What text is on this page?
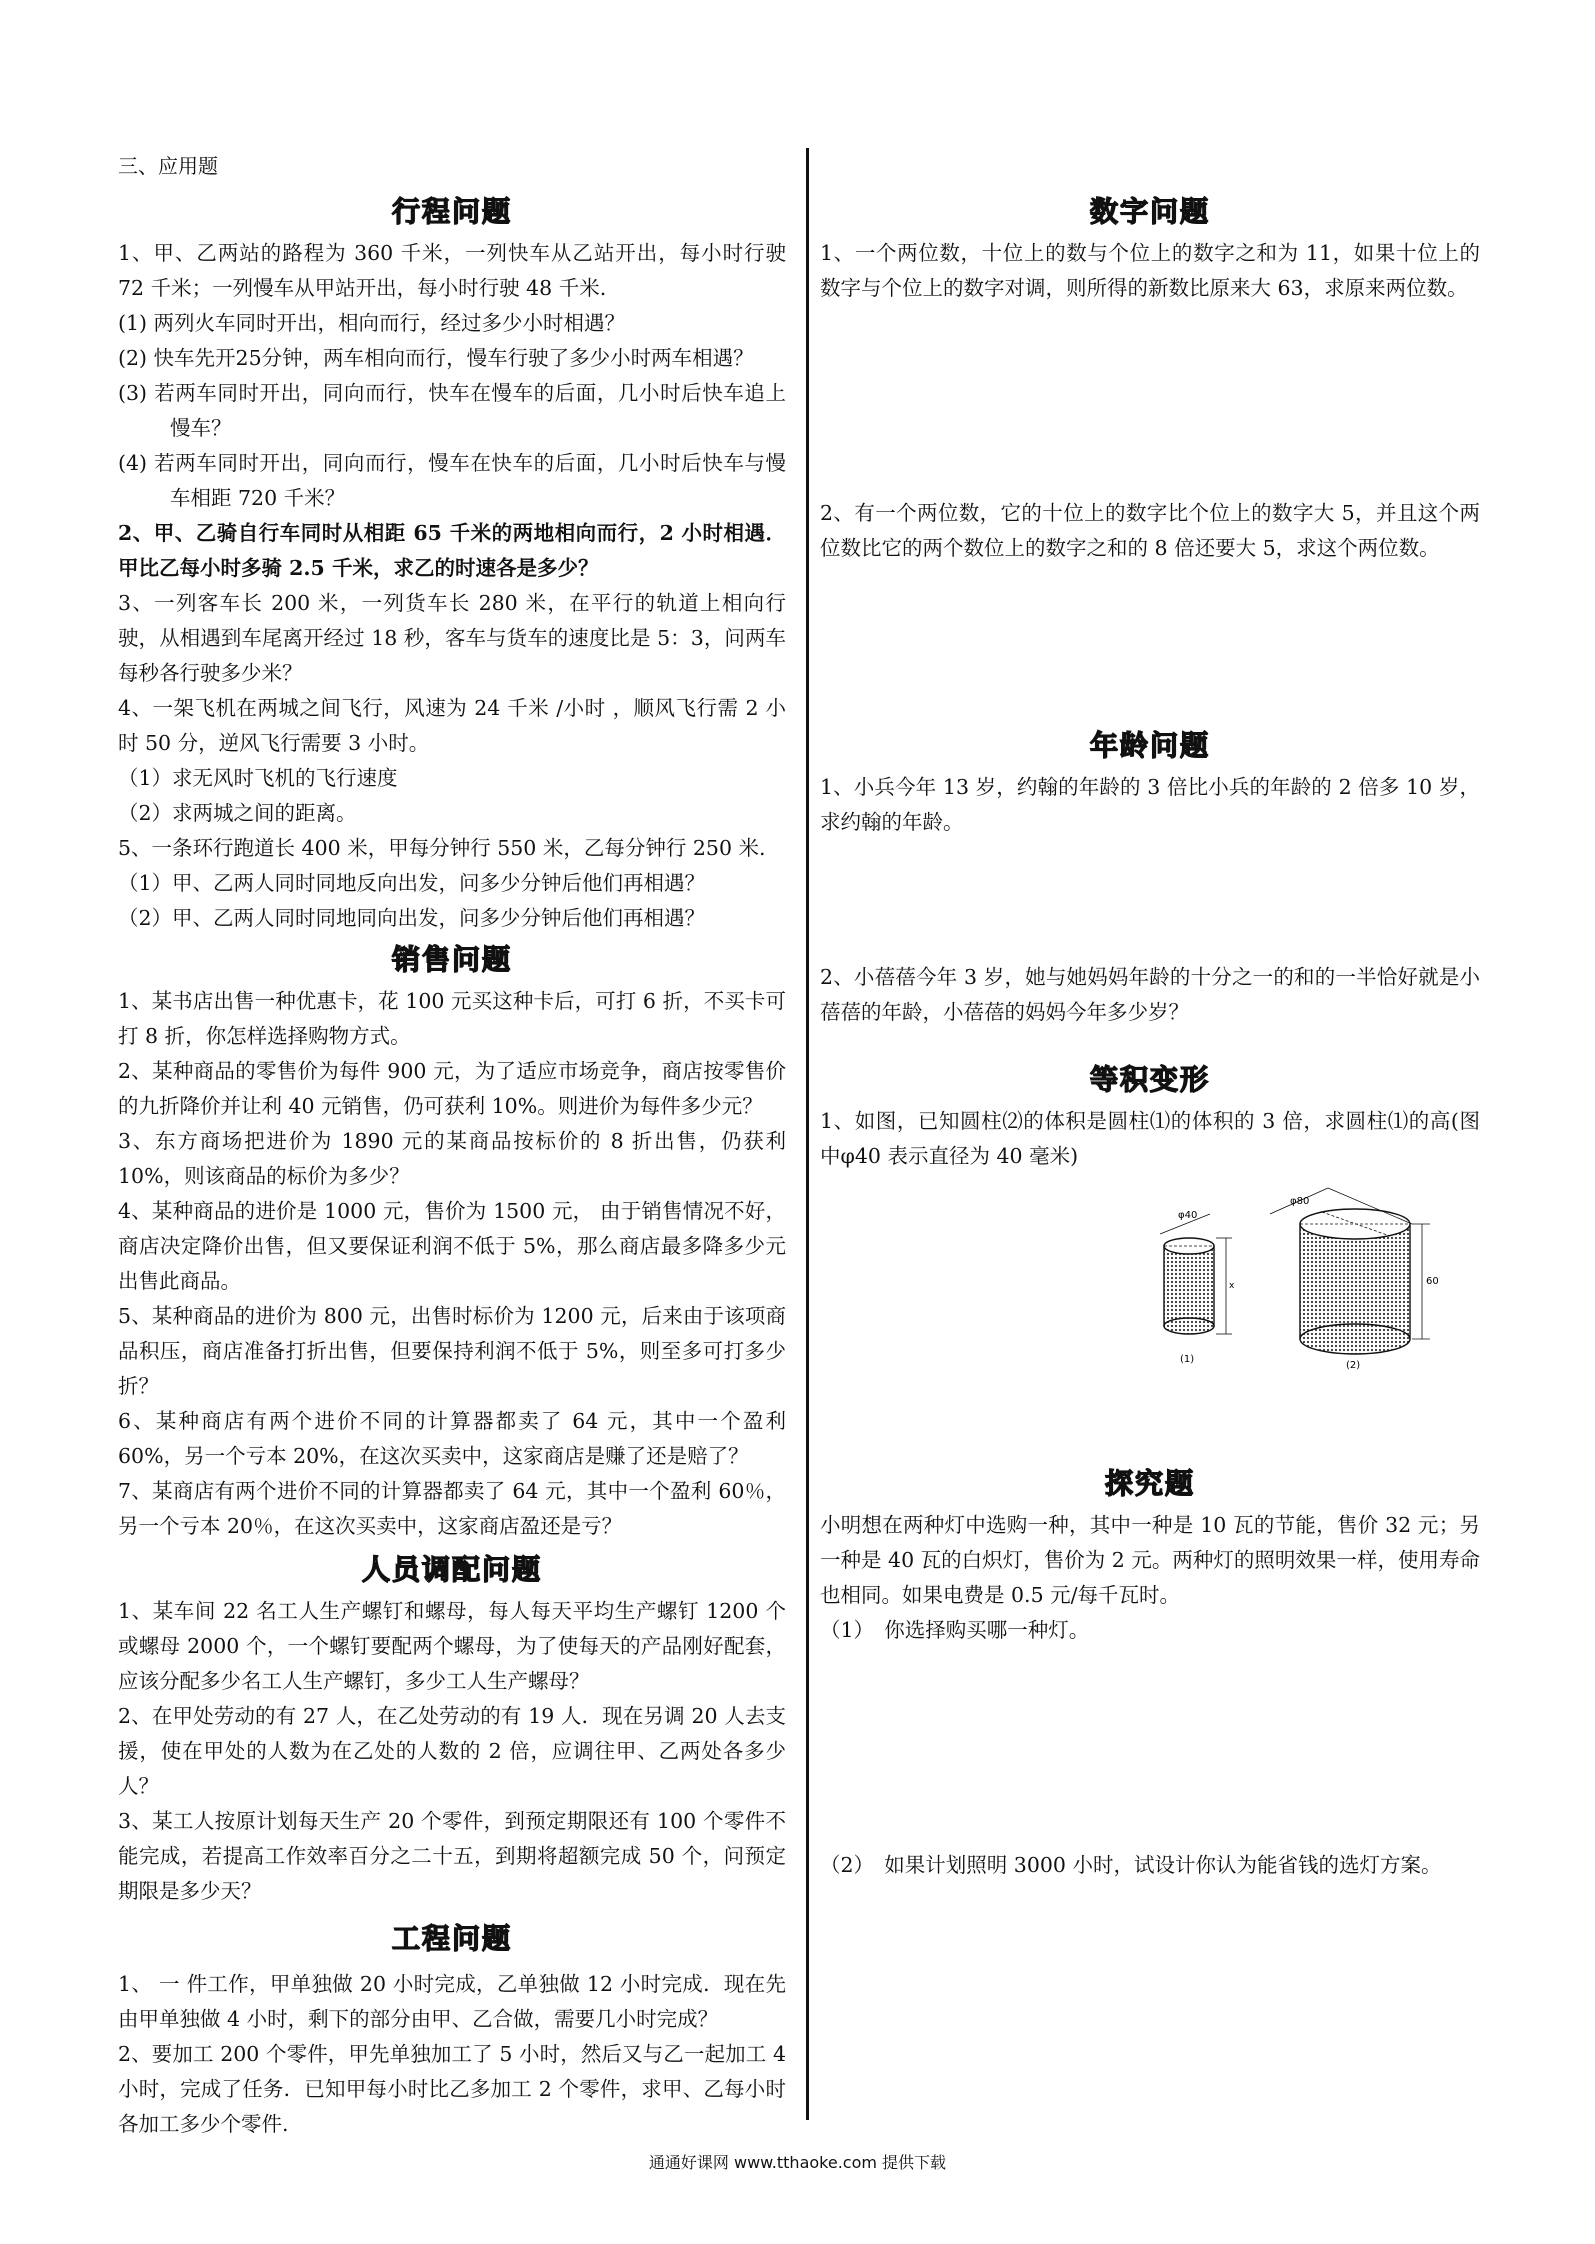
三、应用题
行程问题
1、甲、乙两站的路程为 360 千米，一列快车从乙站开出，每小时行驶 72 千米；一列慢车从甲站开出，每小时行驶 48 千米.
(1) 两列火车同时开出，相向而行，经过多少小时相遇？
(2) 快车先开25分钟，两车相向而行，慢车行驶了多少小时两车相遇？
(3) 若两车同时开出，同向而行，快车在慢车的后面，几小时后快车追上慢车？
(4) 若两车同时开出，同向而行，慢车在快车的后面，几小时后快车与慢车相距 720 千米？
2、甲、乙骑自行车同时从相距 65 千米的两地相向而行，2 小时相遇．甲比乙每小时多骑 2.5 千米，求乙的时速各是多少？
3、一列客车长 200 米，一列货车长 280 米，在平行的轨道上相向行驶，从相遇到车尾离开经过 18 秒，客车与货车的速度比是 5：3，问两车每秒各行驶多少米？
4、一架飞机在两城之间飞行，风速为 24 千米 /小时 ，顺风飞行需 2 小时 50 分，逆风飞行需要 3 小时。
（1）求无风时飞机的飞行速度
（2）求两城之间的距离。
5、一条环行跑道长 400 米，甲每分钟行 550 米，乙每分钟行 250 米.
（1）甲、乙两人同时同地反向出发，问多少分钟后他们再相遇？
（2）甲、乙两人同时同地同向出发，问多少分钟后他们再相遇？
销售问题
1、某书店出售一种优惠卡，花 100 元买这种卡后，可打 6 折，不买卡可打 8 折，你怎样选择购物方式。
2、某种商品的零售价为每件 900 元，为了适应市场竞争，商店按零售价的九折降价并让利 40 元销售，仍可获利 10%。则进价为每件多少元？
3、东方商场把进价为 1890 元的某商品按标价的 8 折出售，仍获利 10%，则该商品的标价为多少？
4、某种商品的进价是 1000 元，售价为 1500 元， 由于销售情况不好，商店决定降价出售，但又要保证利润不低于 5%，那么商店最多降多少元出售此商品。
5、某种商品的进价为 800 元，出售时标价为 1200 元，后来由于该项商品积压，商店准备打折出售，但要保持利润不低于 5%，则至多可打多少折？
6、某种商店有两个进价不同的计算器都卖了 64 元，其中一个盈利 60%，另一个亏本 20%，在这次买卖中，这家商店是赚了还是赔了？
7、某商店有两个进价不同的计算器都卖了 64 元，其中一个盈利 60％，另一个亏本 20％，在这次买卖中，这家商店盈还是亏？
人员调配问题
1、某车间 22 名工人生产螺钉和螺母，每人每天平均生产螺钉 1200 个或螺母 2000 个，一个螺钉要配两个螺母，为了使每天的产品刚好配套，应该分配多少名工人生产螺钉，多少工人生产螺母？
2、在甲处劳动的有 27 人，在乙处劳动的有 19 人．现在另调 20 人去支援，使在甲处的人数为在乙处的人数的 2 倍，应调往甲、乙两处各多少人？
3、某工人按原计划每天生产 20 个零件，到预定期限还有 100 个零件不能完成，若提高工作效率百分之二十五，到期将超额完成 50 个，问预定期限是多少天？
工程问题
1、 一 件工作，甲单独做 20 小时完成，乙单独做 12 小时完成．现在先由甲单独做 4 小时，剩下的部分由甲、乙合做，需要几小时完成？
2、要加工 200 个零件，甲先单独加工了 5 小时，然后又与乙一起加工 4 小时，完成了任务．已知甲每小时比乙多加工 2 个零件，求甲、乙每小时各加工多少个零件.
数字问题
1、一个两位数，十位上的数与个位上的数字之和为 11，如果十位上的数字与个位上的数字对调，则所得的新数比原来大 63，求原来两位数。
2、有一个两位数，它的十位上的数字比个位上的数字大 5，并且这个两位数比它的两个数位上的数字之和的 8 倍还要大 5，求这个两位数。
年龄问题
1、小兵今年 13 岁，约翰的年龄的 3 倍比小兵的年龄的 2 倍多 10 岁，求约翰的年龄。
2、小蓓蓓今年 3 岁，她与她妈妈年龄的十分之一的和的一半恰好就是小蓓蓓的年龄，小蓓蓓的妈妈今年多少岁？
等积变形
1、如图，已知圆柱⑵的体积是圆柱⑴的体积的 3 倍，求圆柱⑴的高(图中φ40 表示直径为 40 毫米)
φ40
x
(1)
φ80
60
(2)
探究题
小明想在两种灯中选购一种，其中一种是 10 瓦的节能，售价 32 元；另一种是 40 瓦的白炽灯，售价为 2 元。两种灯的照明效果一样，使用寿命也相同。如果电费是 0.5 元/每千瓦时。
（1）　你选择购买哪一种灯。
（2）　如果计划照明 3000 小时，试设计你认为能省钱的选灯方案。
通通好课网 www.tthaoke.com 提供下载
